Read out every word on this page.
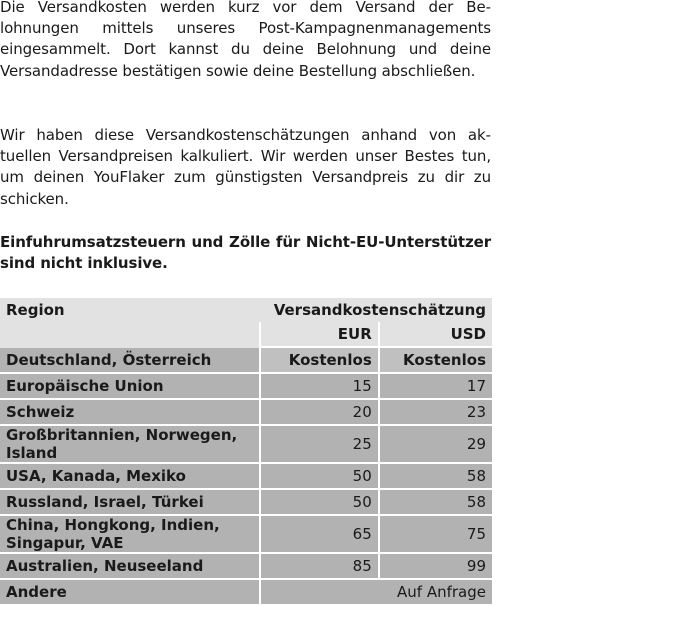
Die Versandkosten werden kurz vor dem Versand der Belohnungen mittels unseres Post-Kampagnenmanagements eingesammelt. Dort kannst du deine Belohnung und deine Versandadresse bestätigen sowie deine Bestellung abschließen.

Wir haben diese Versandkostenschätzungen anhand von aktuellen Versandpreisen kalkuliert. Wir werden unser Bestes tun, um deinen YouFlaker zum günstigsten Versandpreis zu dir zu schicken.

Einfuhrumsatzsteuern und Zölle für Nicht-EU-Unterstützer sind nicht inklusive.

Region	Versandkostenschätzung	
	EUR	USD
Deutschland, Österreich	Kostenlos	Kostenlos
Europäische Union	15	17
Schweiz	20	23
Großbritannien, Norwegen, Island	25	29
USA, Kanada, Mexiko	50	58
Russland, Israel, Türkei	50	58
China, Hongkong, Indien, Singapur, VAE	65	75
Australien, Neuseeland	85	99
Andere	Auf Anfrage	
